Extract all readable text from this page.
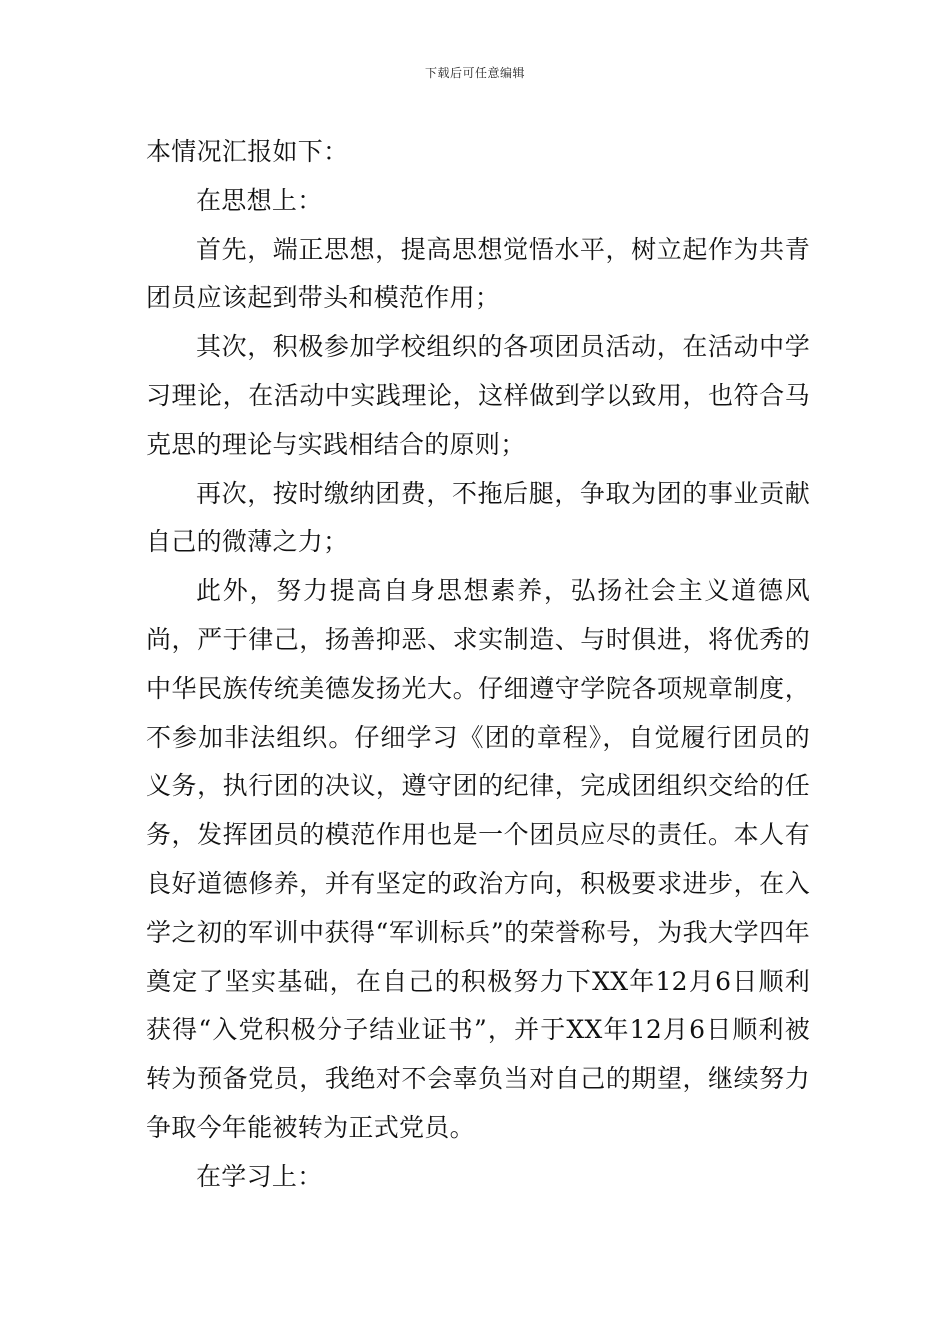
下载后可任意编辑

本情况汇报如下：

在思想上：

首先，端正思想，提高思想觉悟水平，树立起作为共青团员应该起到带头和模范作用；

其次，积极参加学校组织的各项团员活动，在活动中学习理论，在活动中实践理论，这样做到学以致用，也符合马克思的理论与实践相结合的原则；

再次，按时缴纳团费，不拖后腿，争取为团的事业贡献自己的微薄之力；

此外，努力提高自身思想素养，弘扬社会主义道德风尚，严于律己，扬善抑恶、求实制造、与时俱进，将优秀的中华民族传统美德发扬光大。仔细遵守学院各项规章制度，不参加非法组织。仔细学习《团的章程》，自觉履行团员的义务，执行团的决议，遵守团的纪律，完成团组织交给的任务，发挥团员的模范作用也是一个团员应尽的责任。本人有良好道德修养，并有坚定的政治方向，积极要求进步，在入学之初的军训中获得“军训标兵”的荣誉称号，为我大学四年奠定了坚实基础，在自己的积极努力下XX年12月6日顺利获得“入党积极分子结业证书”，并于XX年12月6日顺利被转为预备党员，我绝对不会辜负当对自己的期望，继续努力争取今年能被转为正式党员。

在学习上：
